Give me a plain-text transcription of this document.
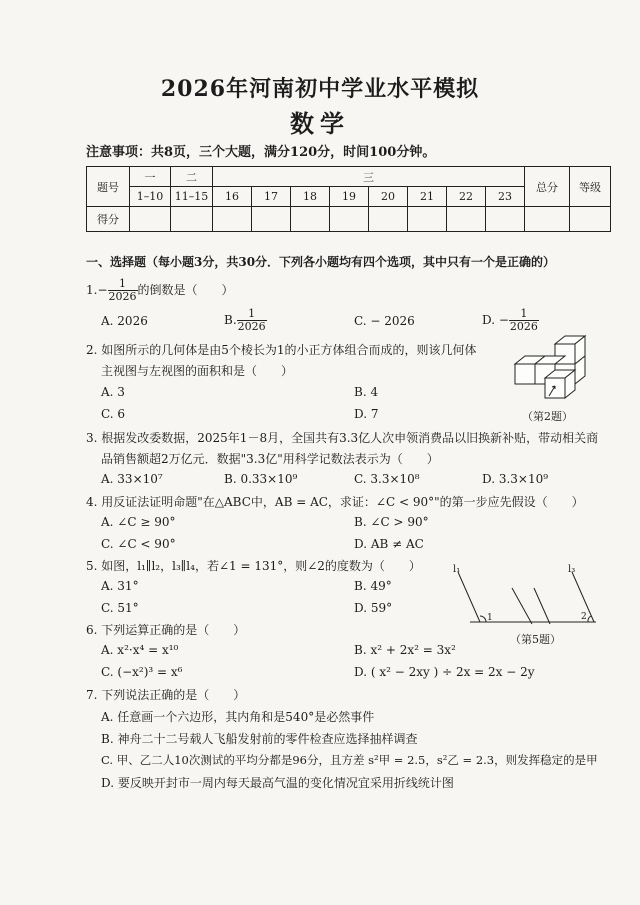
2026年河南初中学业水平模拟
数学
注意事项：共8页，三个大题，满分120分，时间100分钟。
题号	一	二	三								总分	等级
	1–10	11–15	16	17	18	19	20	21	22	23		
得分												
一、选择题（每小题3分，共30分．下列各小题均有四个选项，其中只有一个是正确的）
$1.- \frac{1}{2026}$ 的倒数是（　　）
A. 2026	B. $\frac{1}{2026}$	C. − 2026	D. − $\frac{1}{2026}$
2. 如图所示的几何体是由5个棱长为1的小正方体组合而成的，则该几何体
主视图与左视图的面积和是（　　）
A. 3	B. 4
C. 6	D. 7	（第2题）
3. 根据发改委数据，2025年1－8月，全国共有3.3亿人次申领消费品以旧换新补贴，带动相关商
品销售额超2万亿元．数据"3.3亿"用科学记数法表示为（　　）
A. 33×10⁷	B. 0.33×10⁹	C. 3.3×10⁸	D. 3.3×10⁹
4. 用反证法证明命题"在△ABC中，AB = AC，求证：∠C < 90°"的第一步应先假设（　　）
A. ∠C ≥ 90°	B. ∠C > 90°
C. ∠C < 90°	D. AB ≠ AC
5. 如图，l₁∥l₂，l₃∥l₄，若∠1 = 131°，则∠2的度数为（　　）
A. 31°	B. 49°
C. 51°	D. 59°
l₁	l₃
1	2
（第5题）
6. 下列运算正确的是（　　）
A. x²·x⁴ = x¹⁰	B. x² + 2x² = 3x²
C. (−x²)³ = x⁶	D. ( x² − 2xy ) ÷ 2x = 2x − 2y
7. 下列说法正确的是（　　）
A. 任意画一个六边形，其内角和是540°是必然事件
B. 神舟二十二号载人飞船发射前的零件检查应选择抽样调查
C. 甲、乙二人10次测试的平均分都是96分，且方差 s²甲 = 2.5，s²乙 = 2.3，则发挥稳定的是甲
D. 要反映开封市一周内每天最高气温的变化情况宜采用折线统计图
